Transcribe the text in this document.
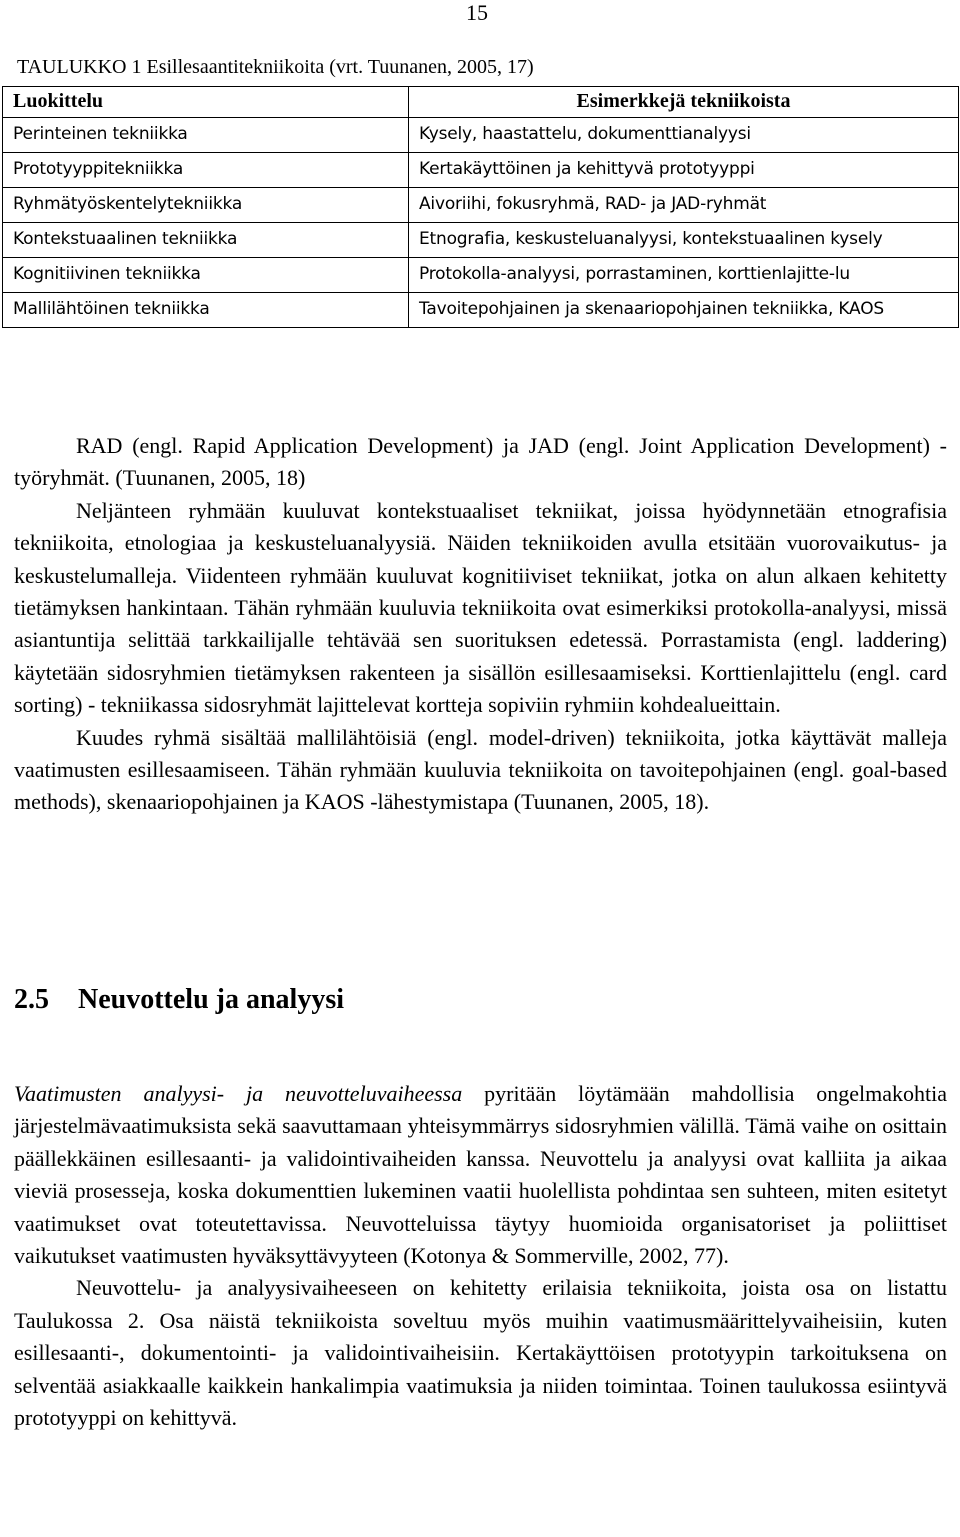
15
TAULUKKO 1 Esillesaantitekniikoita (vrt. Tuunanen, 2005, 17)
Luokittelu	Esimerkkejä tekniikoista
Perinteinen tekniikka	Kysely, haastattelu, dokumenttianalyysi
Prototyyppitekniikka	Kertakäyttöinen ja kehittyvä prototyyppi
Ryhmätyöskentelytekniikka	Aivoriihi, fokusryhmä, RAD- ja JAD-ryhmät
Kontekstuaalinen tekniikka	Etnografia, keskusteluanalyysi, kontekstuaalinen kysely
Kognitiivinen tekniikka	Protokolla-analyysi, porrastaminen, korttienlajitte-lu
Mallilähtöinen tekniikka	Tavoitepohjainen ja skenaariopohjainen tekniikka, KAOS

RAD (engl. Rapid Application Development) ja JAD (engl. Joint Application Development) -työryhmät. (Tuunanen, 2005, 18)

Neljänteen ryhmään kuuluvat kontekstuaaliset tekniikat, joissa hyödynnetään etnografisia tekniikoita, etnologiaa ja keskusteluanalyysiä. Näiden tekniikoiden avulla etsitään vuorovaikutus- ja keskustelumalleja. Viidenteen ryhmään kuuluvat kognitiiviset tekniikat, jotka on alun alkaen kehitetty tietämyksen hankintaan. Tähän ryhmään kuuluvia tekniikoita ovat esimerkiksi protokolla-analyysi, missä asiantuntija selittää tarkkailijalle tehtävää sen suorituksen edetessä. Porrastamista (engl. laddering) käytetään sidosryhmien tietämyksen rakenteen ja sisällön esillesaamiseksi. Korttienlajittelu (engl. card sorting) - tekniikassa sidosryhmät lajittelevat kortteja sopiviin ryhmiin kohdealueittain.

Kuudes ryhmä sisältää mallilähtöisiä (engl. model-driven) tekniikoita, jotka käyttävät malleja vaatimusten esillesaamiseen. Tähän ryhmään kuuluvia tekniikoita on tavoitepohjainen (engl. goal-based methods), skenaariopohjainen ja KAOS -lähestymistapa (Tuunanen, 2005, 18).

2.5 Neuvottelu ja analyysi

Vaatimusten analyysi- ja neuvotteluvaiheessa pyritään löytämään mahdollisia ongelmakohtia järjestelmävaatimuksista sekä saavuttamaan yhteisymmärrys sidosryhmien välillä. Tämä vaihe on osittain päällekkäinen esillesaanti- ja validointivaiheiden kanssa. Neuvottelu ja analyysi ovat kalliita ja aikaa vieviä prosesseja, koska dokumenttien lukeminen vaatii huolellista pohdintaa sen suhteen, miten esitetyt vaatimukset ovat toteutettavissa. Neuvotteluissa täytyy huomioida organisatoriset ja poliittiset vaikutukset vaatimusten hyväksyttävyyteen (Kotonya & Sommerville, 2002, 77).

Neuvottelu- ja analyysivaiheeseen on kehitetty erilaisia tekniikoita, joista osa on listattu Taulukossa 2. Osa näistä tekniikoista soveltuu myös muihin vaatimusmäärittelyvaiheisiin, kuten esillesaanti-, dokumentointi- ja validointivaiheisiin. Kertakäyttöisen prototyypin tarkoituksena on selventää asiakkaalle kaikkein hankalimpia vaatimuksia ja niiden toimintaa. Toinen taulukossa esiintyvä prototyyppi on kehittyvä.
